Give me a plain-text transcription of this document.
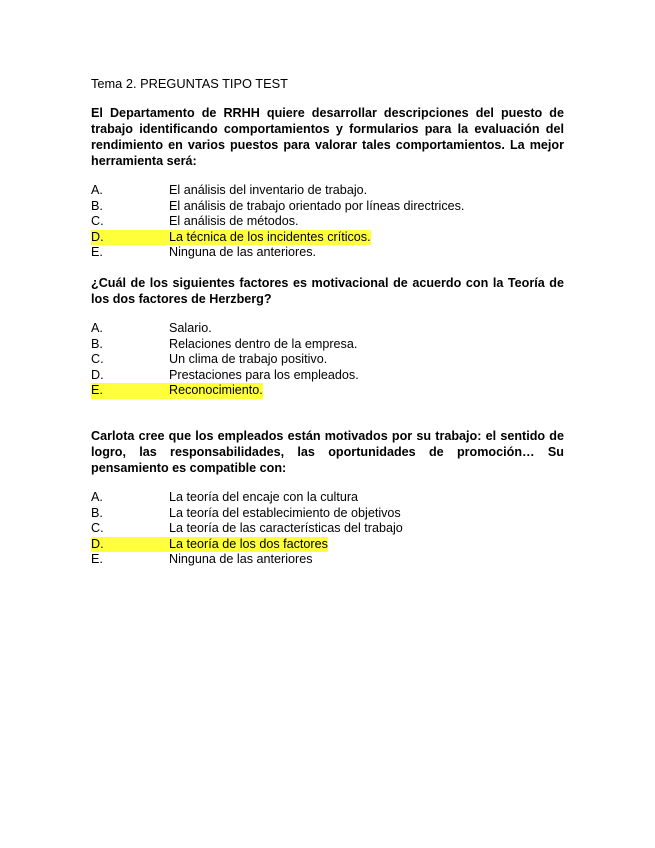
Tema 2. PREGUNTAS TIPO TEST

El Departamento de RRHH quiere desarrollar descripciones del puesto de trabajo identificando comportamientos y formularios para la evaluación del rendimiento en varios puestos para valorar tales comportamientos. La mejor herramienta será:

A.	El análisis del inventario de trabajo.
B.	El análisis de trabajo orientado por líneas directrices.
C.	El análisis de métodos.
D.	La técnica de los incidentes críticos.
E.	Ninguna de las anteriores.

¿Cuál de los siguientes factores es motivacional de acuerdo con la Teoría de los dos factores de Herzberg?

A.	Salario.
B.	Relaciones dentro de la empresa.
C.	Un clima de trabajo positivo.
D.	Prestaciones para los empleados.
E.	Reconocimiento.

Carlota cree que los empleados están motivados por su trabajo: el sentido de logro, las responsabilidades, las oportunidades de promoción… Su pensamiento es compatible con:

A.	La teoría del encaje con la cultura
B.	La teoría del establecimiento de objetivos
C.	La teoría de las características del trabajo
D.	La teoría de los dos factores
E.	Ninguna de las anteriores
